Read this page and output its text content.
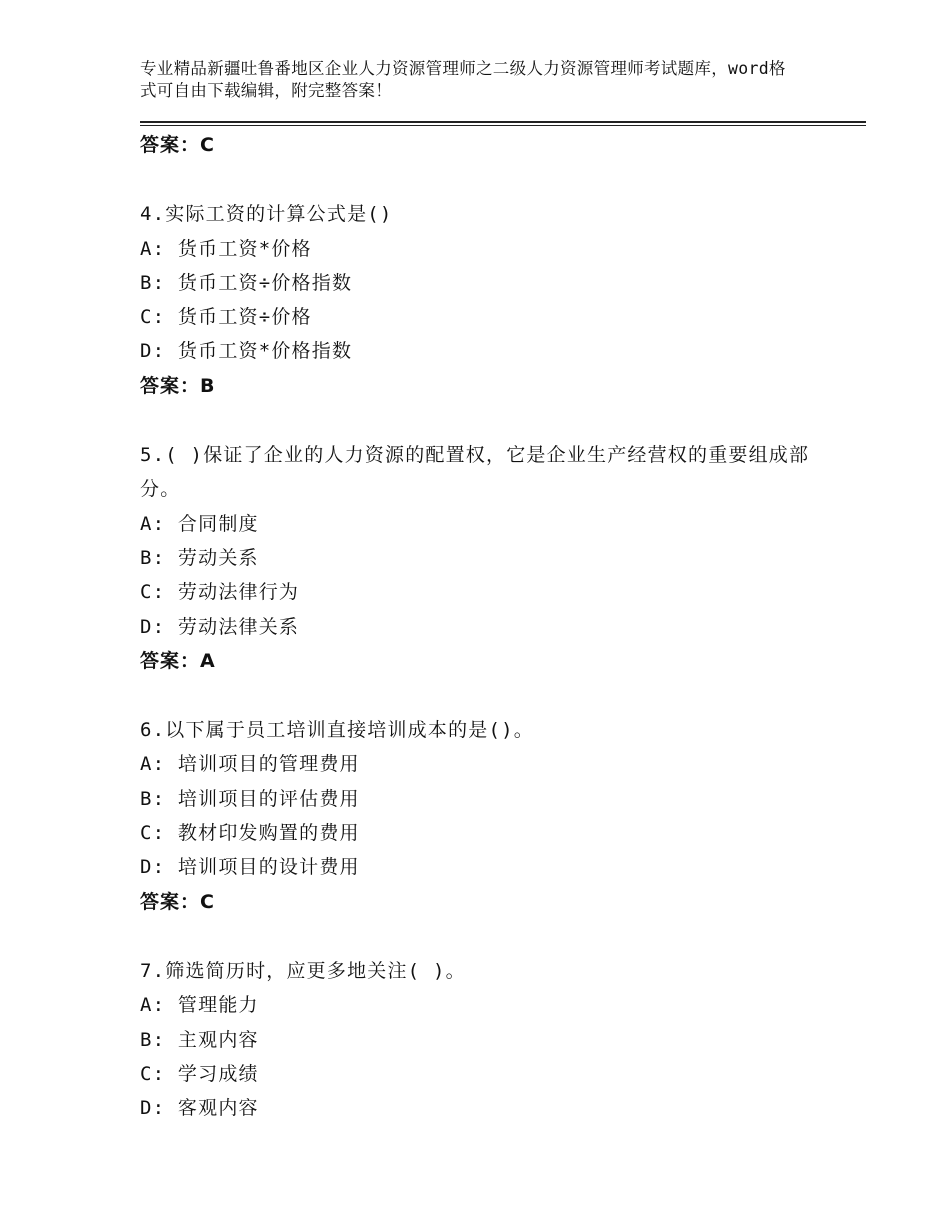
专业精品新疆吐鲁番地区企业人力资源管理师之二级人力资源管理师考试题库，word格式可自由下载编辑，附完整答案！
答案：C
4.实际工资的计算公式是()
A: 货币工资*价格
B: 货币工资÷价格指数
C: 货币工资÷价格
D: 货币工资*价格指数
答案：B
5.( )保证了企业的人力资源的配置权，它是企业生产经营权的重要组成部分。
A: 合同制度
B: 劳动关系
C: 劳动法律行为
D: 劳动法律关系
答案：A
6.以下属于员工培训直接培训成本的是()。
A: 培训项目的管理费用
B: 培训项目的评估费用
C: 教材印发购置的费用
D: 培训项目的设计费用
答案：C
7.筛选简历时，应更多地关注( )。
A: 管理能力
B: 主观内容
C: 学习成绩
D: 客观内容
